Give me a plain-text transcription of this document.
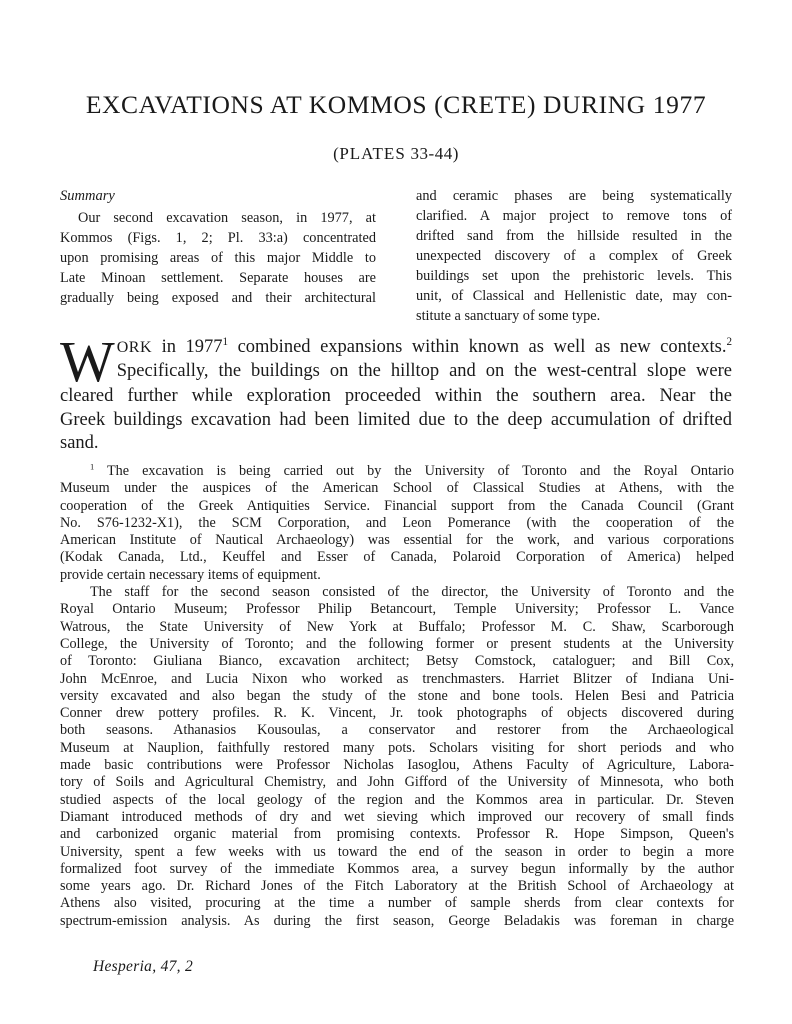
EXCAVATIONS AT KOMMOS (CRETE) DURING 1977
(PLATES 33-44)
Summary
Our second excavation season, in 1977, at
Kommos (Figs. 1, 2; Pl. 33:a) concentrated
upon promising areas of this major Middle to
Late Minoan settlement. Separate houses are
gradually being exposed and their architectural
and ceramic phases are being systematically
clarified. A major project to remove tons of
drifted sand from the hillside resulted in the
unexpected discovery of a complex of Greek
buildings set upon the prehistoric levels. This
unit, of Classical and Hellenistic date, may con-
stitute a sanctuary of some type.
W ORK in 1977$^1$ combined expansions within known as well as new contexts.$^2$
Specifically, the buildings on the hilltop and on the west-central slope were
cleared further while exploration proceeded within the southern area. Near the
Greek buildings excavation had been limited due to the deep accumulation of drifted
sand.
$^1$ The excavation is being carried out by the University of Toronto and the Royal Ontario
Museum under the auspices of the American School of Classical Studies at Athens, with the
cooperation of the Greek Antiquities Service. Financial support from the Canada Council (Grant
No. S76-1232-X1), the SCM Corporation, and Leon Pomerance (with the cooperation of the
American Institute of Nautical Archaeology) was essential for the work, and various corporations
(Kodak Canada, Ltd., Keuffel and Esser of Canada, Polaroid Corporation of America) helped
provide certain necessary items of equipment.
The staff for the second season consisted of the director, the University of Toronto and the
Royal Ontario Museum; Professor Philip Betancourt, Temple University; Professor L. Vance
Watrous, the State University of New York at Buffalo; Professor M. C. Shaw, Scarborough
College, the University of Toronto; and the following former or present students at the University
of Toronto: Giuliana Bianco, excavation architect; Betsy Comstock, cataloguer; and Bill Cox,
John McEnroe, and Lucia Nixon who worked as trenchmasters. Harriet Blitzer of Indiana Uni-
versity excavated and also began the study of the stone and bone tools. Helen Besi and Patricia
Conner drew pottery profiles. R. K. Vincent, Jr. took photographs of objects discovered during
both seasons. Athanasios Kousoulas, a conservator and restorer from the Archaeological
Museum at Nauplion, faithfully restored many pots. Scholars visiting for short periods and who
made basic contributions were Professor Nicholas Iasoglou, Athens Faculty of Agriculture, Labora-
tory of Soils and Agricultural Chemistry, and John Gifford of the University of Minnesota, who both
studied aspects of the local geology of the region and the Kommos area in particular. Dr. Steven
Diamant introduced methods of dry and wet sieving which improved our recovery of small finds
and carbonized organic material from promising contexts. Professor R. Hope Simpson, Queen's
University, spent a few weeks with us toward the end of the season in order to begin a more
formalized foot survey of the immediate Kommos area, a survey begun informally by the author
some years ago. Dr. Richard Jones of the Fitch Laboratory at the British School of Archaeology at
Athens also visited, procuring at the time a number of sample sherds from clear contexts for
spectrum-emission analysis. As during the first season, George Beladakis was foreman in charge
Hesperia, 47, 2
